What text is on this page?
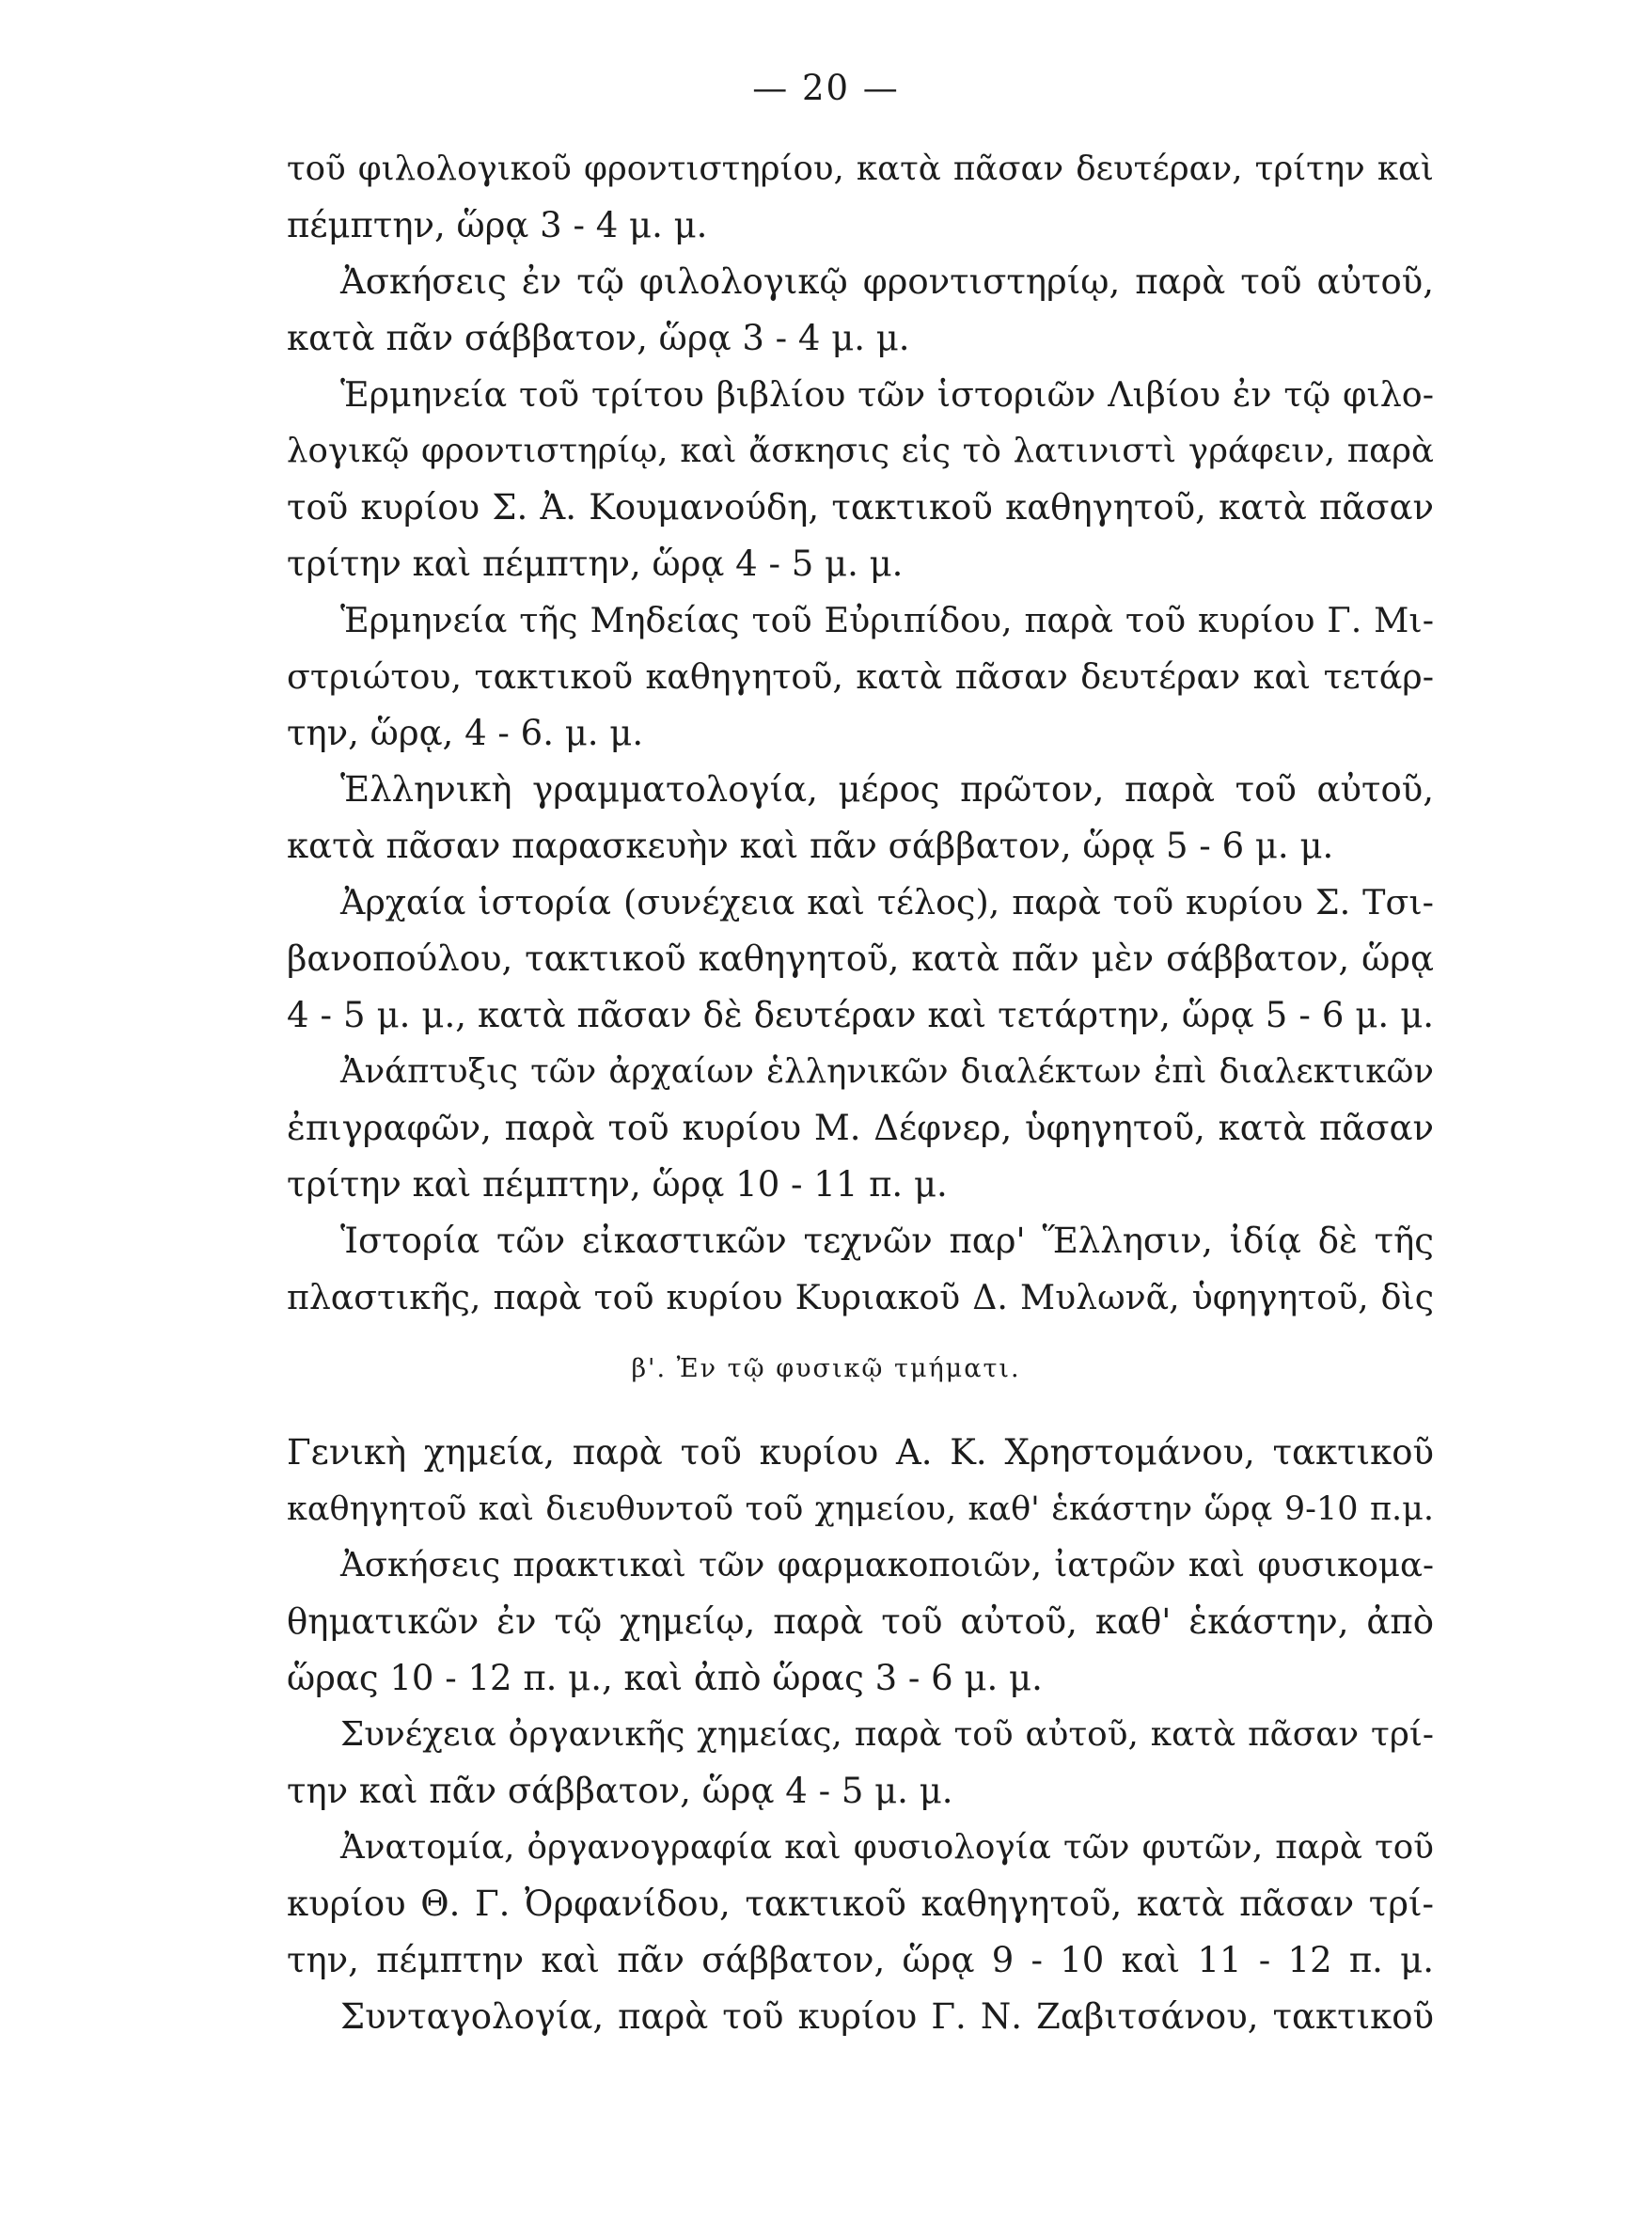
— 20 —
τοῦ φιλολογικοῦ φροντιστηρίου, κατὰ πᾶσαν δευτέραν, τρίτην καὶ
πέμπτην, ὥρᾳ 3 - 4 μ. μ.
Ἀσκήσεις ἐν τῷ φιλολογικῷ φροντιστηρίῳ, παρὰ τοῦ αὐτοῦ,
κατὰ πᾶν σάββατον, ὥρᾳ 3 - 4 μ. μ.
Ἑρμηνεία τοῦ τρίτου βιβλίου τῶν ἱστοριῶν Λιβίου ἐν τῷ φιλο-
λογικῷ φροντιστηρίῳ, καὶ ἄσκησις εἰς τὸ λατινιστὶ γράφειν, παρὰ
τοῦ κυρίου Σ. Ἀ. Κουμανούδη, τακτικοῦ καθηγητοῦ, κατὰ πᾶσαν
τρίτην καὶ πέμπτην, ὥρᾳ 4 - 5 μ. μ.
Ἑρμηνεία τῆς Μηδείας τοῦ Εὐριπίδου, παρὰ τοῦ κυρίου Γ. Μι-
στριώτου, τακτικοῦ καθηγητοῦ, κατὰ πᾶσαν δευτέραν καὶ τετάρ-
την, ὥρᾳ, 4 - 6. μ. μ.
Ἑλληνικὴ γραμματολογία, μέρος πρῶτον, παρὰ τοῦ αὐτοῦ,
κατὰ πᾶσαν παρασκευὴν καὶ πᾶν σάββατον, ὥρᾳ 5 - 6 μ. μ.
Ἀρχαία ἱστορία (συνέχεια καὶ τέλος), παρὰ τοῦ κυρίου Σ. Τσι-
βανοπούλου, τακτικοῦ καθηγητοῦ, κατὰ πᾶν μὲν σάββατον, ὥρᾳ
4 - 5 μ. μ., κατὰ πᾶσαν δὲ δευτέραν καὶ τετάρτην, ὥρᾳ 5 - 6 μ. μ.
Ἀνάπτυξις τῶν ἀρχαίων ἑλληνικῶν διαλέκτων ἐπὶ διαλεκτικῶν
ἐπιγραφῶν, παρὰ τοῦ κυρίου Μ. Δέφνερ, ὑφηγητοῦ, κατὰ πᾶσαν
τρίτην καὶ πέμπτην, ὥρᾳ 10 - 11 π. μ.
Ἱστορία τῶν εἰκαστικῶν τεχνῶν παρ' Ἕλλησιν, ἰδίᾳ δὲ τῆς
πλαστικῆς, παρὰ τοῦ κυρίου Κυριακοῦ Δ. Μυλωνᾶ, ὑφηγητοῦ, δὶς
β'. Ἐν τῷ φυσικῷ τμήματι.
Γενικὴ χημεία, παρὰ τοῦ κυρίου Α. Κ. Χρηστομάνου, τακτικοῦ
καθηγητοῦ καὶ διευθυντοῦ τοῦ χημείου, καθ' ἑκάστην ὥρᾳ 9-10 π.μ.
Ἀσκήσεις πρακτικαὶ τῶν φαρμακοποιῶν, ἰατρῶν καὶ φυσικομα-
θηματικῶν ἐν τῷ χημείῳ, παρὰ τοῦ αὐτοῦ, καθ' ἑκάστην, ἀπὸ
ὥρας 10 - 12 π. μ., καὶ ἀπὸ ὥρας 3 - 6 μ. μ.
Συνέχεια ὀργανικῆς χημείας, παρὰ τοῦ αὐτοῦ, κατὰ πᾶσαν τρί-
την καὶ πᾶν σάββατον, ὥρᾳ 4 - 5 μ. μ.
Ἀνατομία, ὀργανογραφία καὶ φυσιολογία τῶν φυτῶν, παρὰ τοῦ
κυρίου Θ. Γ. Ὀρφανίδου, τακτικοῦ καθηγητοῦ, κατὰ πᾶσαν τρί-
την, πέμπτην καὶ πᾶν σάββατον, ὥρᾳ 9 - 10 καὶ 11 - 12 π. μ.
Συνταγολογία, παρὰ τοῦ κυρίου Γ. Ν. Ζαβιτσάνου, τακτικοῦ
